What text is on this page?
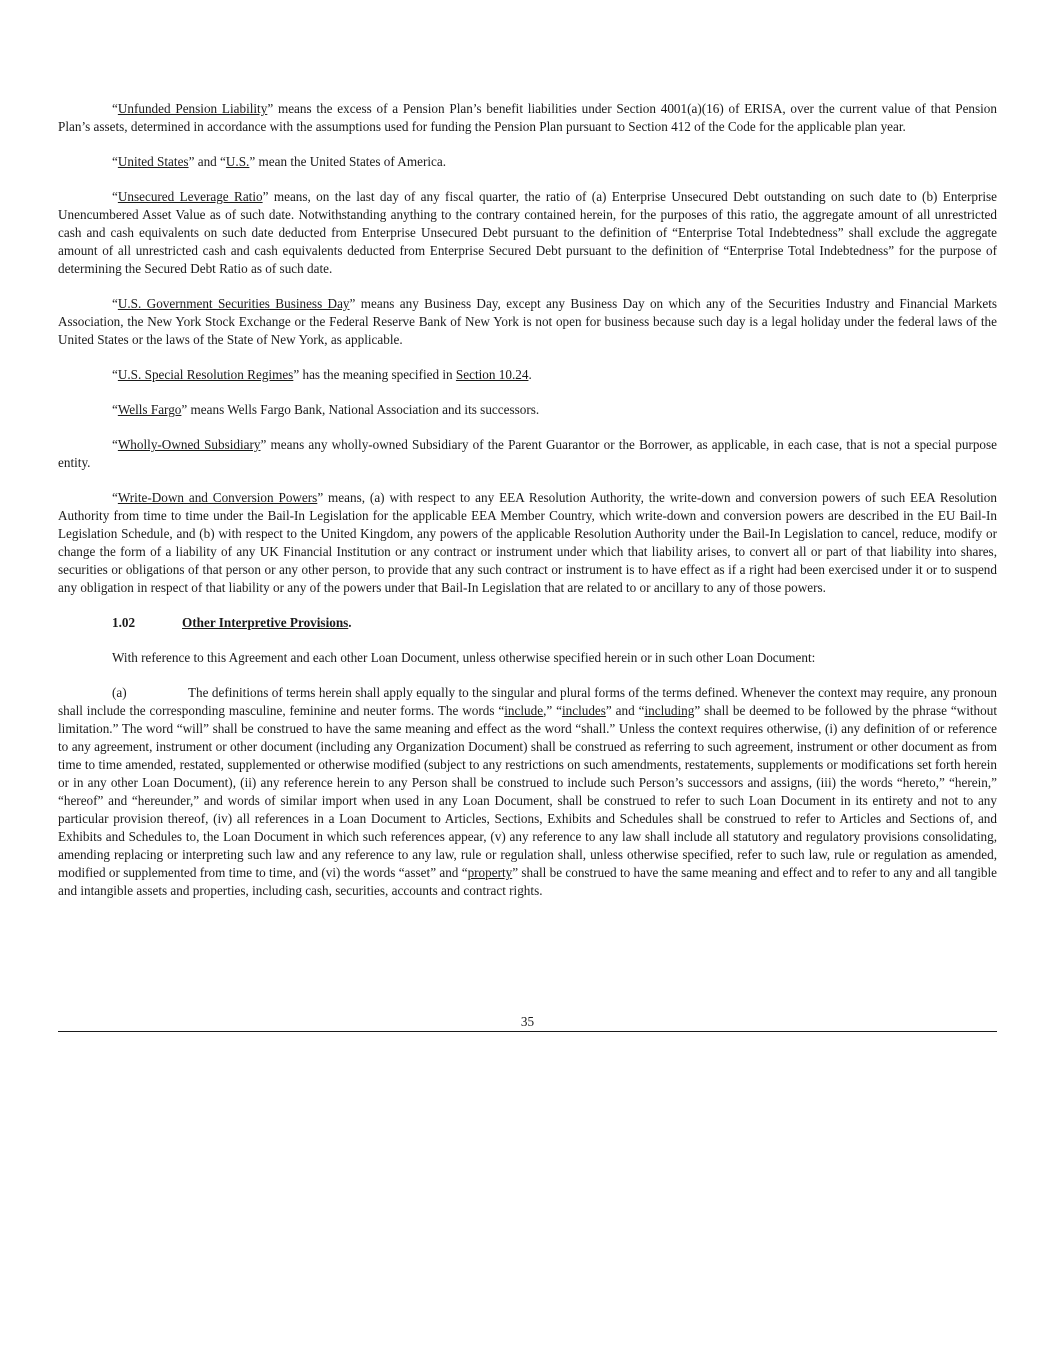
“Unfunded Pension Liability” means the excess of a Pension Plan’s benefit liabilities under Section 4001(a)(16) of ERISA, over the current value of that Pension Plan’s assets, determined in accordance with the assumptions used for funding the Pension Plan pursuant to Section 412 of the Code for the applicable plan year.

“United States” and “U.S.” mean the United States of America.

“Unsecured Leverage Ratio” means, on the last day of any fiscal quarter, the ratio of (a) Enterprise Unsecured Debt outstanding on such date to (b) Enterprise Unencumbered Asset Value as of such date. Notwithstanding anything to the contrary contained herein, for the purposes of this ratio, the aggregate amount of all unrestricted cash and cash equivalents on such date deducted from Enterprise Unsecured Debt pursuant to the definition of “Enterprise Total Indebtedness” shall exclude the aggregate amount of all unrestricted cash and cash equivalents deducted from Enterprise Secured Debt pursuant to the definition of “Enterprise Total Indebtedness” for the purpose of determining the Secured Debt Ratio as of such date.

“U.S. Government Securities Business Day” means any Business Day, except any Business Day on which any of the Securities Industry and Financial Markets Association, the New York Stock Exchange or the Federal Reserve Bank of New York is not open for business because such day is a legal holiday under the federal laws of the United States or the laws of the State of New York, as applicable.

“U.S. Special Resolution Regimes” has the meaning specified in Section 10.24.

“Wells Fargo” means Wells Fargo Bank, National Association and its successors.

“Wholly-Owned Subsidiary” means any wholly-owned Subsidiary of the Parent Guarantor or the Borrower, as applicable, in each case, that is not a special purpose entity.

“Write-Down and Conversion Powers” means, (a) with respect to any EEA Resolution Authority, the write-down and conversion powers of such EEA Resolution Authority from time to time under the Bail-In Legislation for the applicable EEA Member Country, which write-down and conversion powers are described in the EU Bail-In Legislation Schedule, and (b) with respect to the United Kingdom, any powers of the applicable Resolution Authority under the Bail-In Legislation to cancel, reduce, modify or change the form of a liability of any UK Financial Institution or any contract or instrument under which that liability arises, to convert all or part of that liability into shares, securities or obligations of that person or any other person, to provide that any such contract or instrument is to have effect as if a right had been exercised under it or to suspend any obligation in respect of that liability or any of the powers under that Bail-In Legislation that are related to or ancillary to any of those powers.

1.02	Other Interpretive Provisions.

With reference to this Agreement and each other Loan Document, unless otherwise specified herein or in such other Loan Document:

(a)	The definitions of terms herein shall apply equally to the singular and plural forms of the terms defined. Whenever the context may require, any pronoun shall include the corresponding masculine, feminine and neuter forms. The words “include,” “includes” and “including” shall be deemed to be followed by the phrase “without limitation.” The word “will” shall be construed to have the same meaning and effect as the word “shall.” Unless the context requires otherwise, (i) any definition of or reference to any agreement, instrument or other document (including any Organization Document) shall be construed as referring to such agreement, instrument or other document as from time to time amended, restated, supplemented or otherwise modified (subject to any restrictions on such amendments, restatements, supplements or modifications set forth herein or in any other Loan Document), (ii) any reference herein to any Person shall be construed to include such Person’s successors and assigns, (iii) the words “hereto,” “herein,” “hereof” and “hereunder,” and words of similar import when used in any Loan Document, shall be construed to refer to such Loan Document in its entirety and not to any particular provision thereof, (iv) all references in a Loan Document to Articles, Sections, Exhibits and Schedules shall be construed to refer to Articles and Sections of, and Exhibits and Schedules to, the Loan Document in which such references appear, (v) any reference to any law shall include all statutory and regulatory provisions consolidating, amending replacing or interpreting such law and any reference to any law, rule or regulation shall, unless otherwise specified, refer to such law, rule or regulation as amended, modified or supplemented from time to time, and (vi) the words “asset” and “property” shall be construed to have the same meaning and effect and to refer to any and all tangible and intangible assets and properties, including cash, securities, accounts and contract rights.

35
